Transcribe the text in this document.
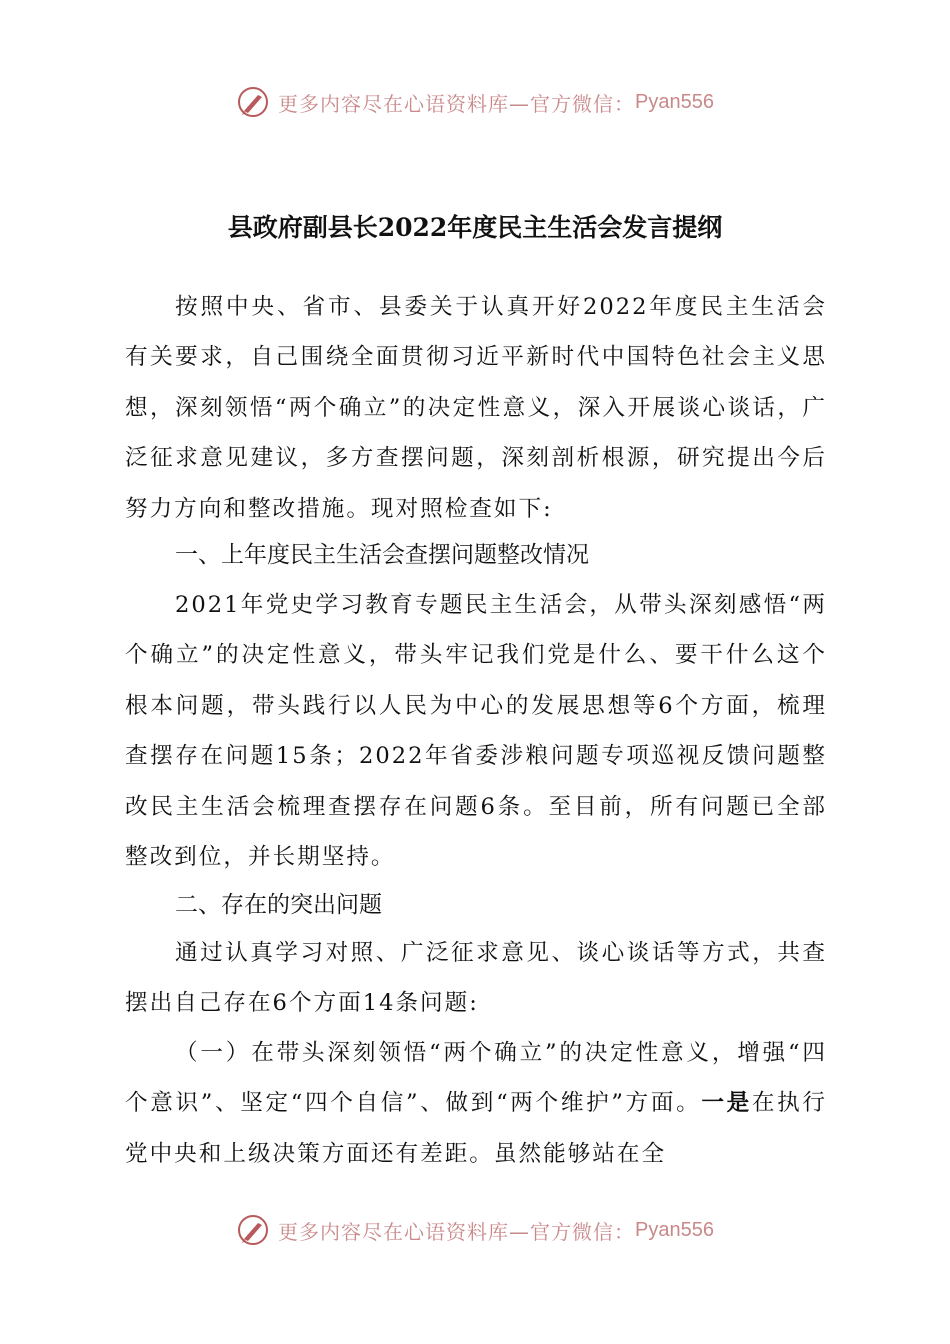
更多内容尽在心语资料库—官方微信： Pyan556
县政府副县长2022年度民主生活会发言提纲

按照中央、省市、县委关于认真开好2022年度民主生活会有关要求，自己围绕全面贯彻习近平新时代中国特色社会主义思想，深刻领悟“两个确立”的决定性意义，深入开展谈心谈话，广泛征求意见建议，多方查摆问题，深刻剖析根源，研究提出今后努力方向和整改措施。现对照检查如下:

一、上年度民主生活会查摆问题整改情况

2021年党史学习教育专题民主生活会，从带头深刻感悟“两个确立”的决定性意义，带头牢记我们党是什么、要干什么这个根本问题，带头践行以人民为中心的发展思想等6个方面，梳理查摆存在问题15条；2022年省委涉粮问题专项巡视反馈问题整改民主生活会梳理查摆存在问题6条。至目前，所有问题已全部整改到位，并长期坚持。

二、存在的突出问题

通过认真学习对照、广泛征求意见、谈心谈话等方式，共查摆出自己存在6个方面14条问题:

（一）在带头深刻领悟“两个确立”的决定性意义，增强“四个意识”、坚定“四个自信”、做到“两个维护”方面。一是在执行党中央和上级决策方面还有差距。虽然能够站在全

更多内容尽在心语资料库—官方微信： Pyan556
